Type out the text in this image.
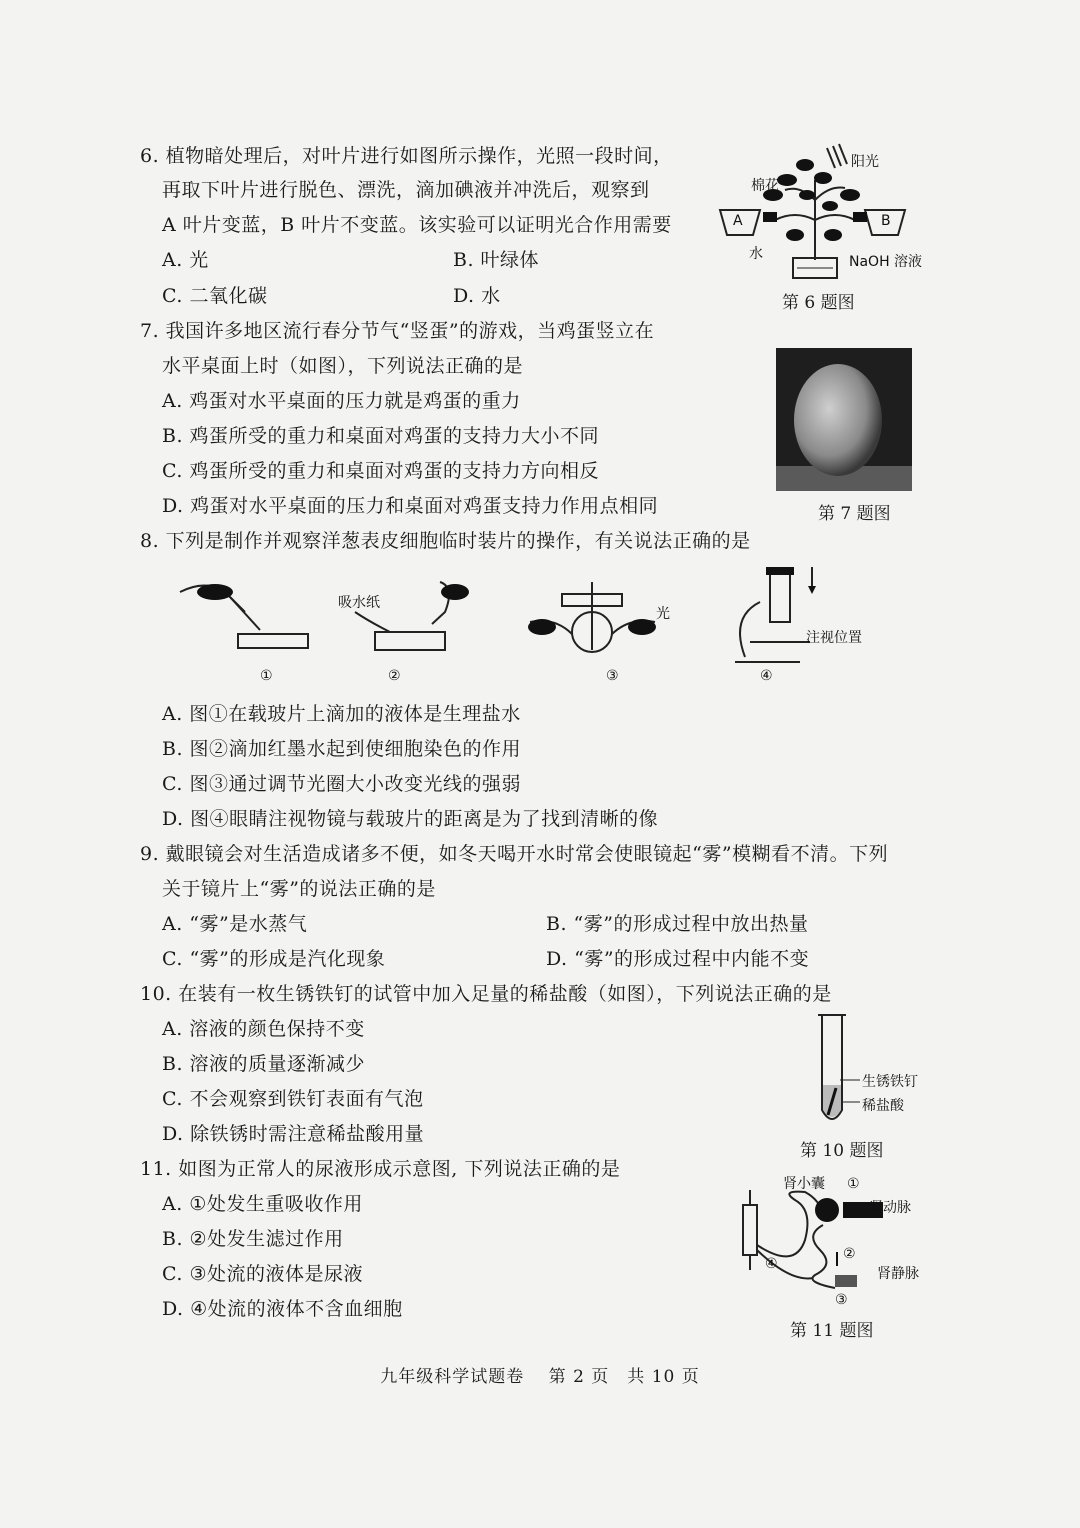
6. 植物暗处理后，对叶片进行如图所示操作，光照一段时间，
再取下叶片进行脱色、漂洗，滴加碘液并冲洗后，观察到
A 叶片变蓝，B 叶片不变蓝。该实验可以证明光合作用需要
A. 光	B. 叶绿体
C. 二氧化碳	D. 水
阳光
棉花
A	B
水	NaOH 溶液
第 6 题图
7. 我国许多地区流行春分节气“竖蛋”的游戏，当鸡蛋竖立在
水平桌面上时（如图），下列说法正确的是
A. 鸡蛋对水平桌面的压力就是鸡蛋的重力
B. 鸡蛋所受的重力和桌面对鸡蛋的支持力大小不同
C. 鸡蛋所受的重力和桌面对鸡蛋的支持力方向相反
D. 鸡蛋对水平桌面的压力和桌面对鸡蛋支持力作用点相同	第 7 题图
8. 下列是制作并观察洋葱表皮细胞临时装片的操作，有关说法正确的是
吸水纸
光
注视位置
①	②	③	④
A. 图①在载玻片上滴加的液体是生理盐水
B. 图②滴加红墨水起到使细胞染色的作用
C. 图③通过调节光圈大小改变光线的强弱
D. 图④眼睛注视物镜与载玻片的距离是为了找到清晰的像
9. 戴眼镜会对生活造成诸多不便，如冬天喝开水时常会使眼镜起“雾”模糊看不清。下列
关于镜片上“雾”的说法正确的是
A. “雾”是水蒸气	B. “雾”的形成过程中放出热量
C. “雾”的形成是汽化现象	D. “雾”的形成过程中内能不变
10. 在装有一枚生锈铁钉的试管中加入足量的稀盐酸（如图），下列说法正确的是
A. 溶液的颜色保持不变
B. 溶液的质量逐渐减少
C. 不会观察到铁钉表面有气泡
D. 除铁锈时需注意稀盐酸用量
生锈铁钉
稀盐酸
第 10 题图
11. 如图为正常人的尿液形成示意图, 下列说法正确的是
A. ①处发生重吸收作用
B. ②处发生滤过作用
C. ③处流的液体是尿液
D. ④处流的液体不含血细胞
肾小囊 ①
肾动脉
②
肾静脉
③
④
第 11 题图
九年级科学试题卷　 第 2 页　共 10 页
